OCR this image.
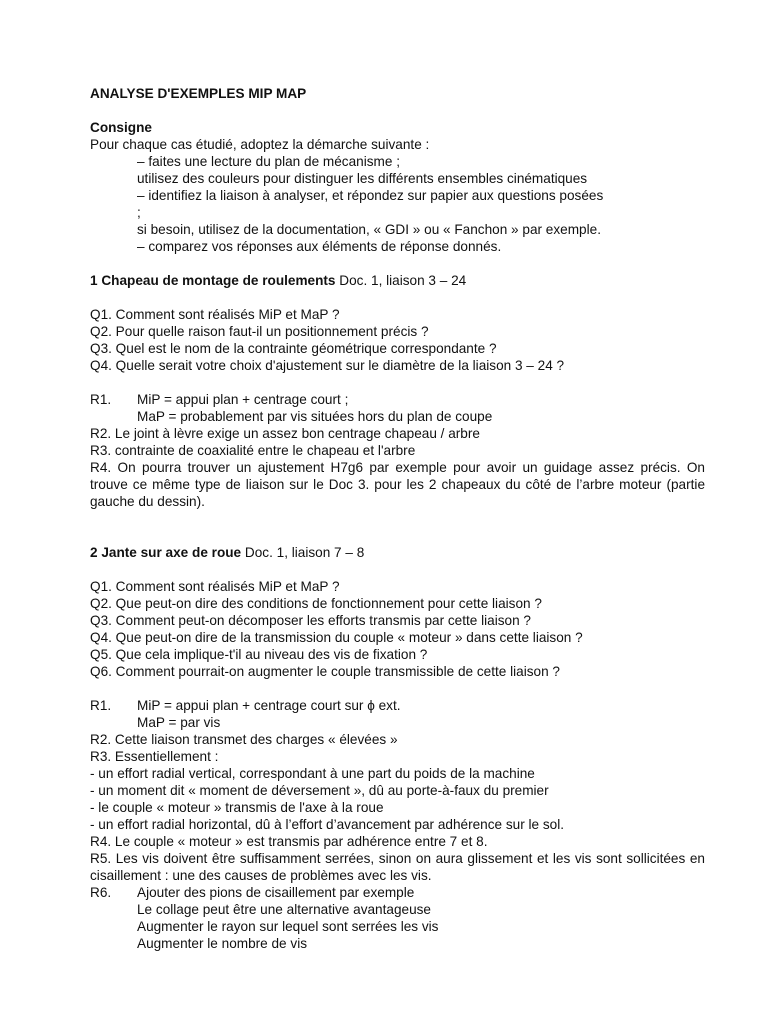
ANALYSE D'EXEMPLES MIP MAP
Consigne
Pour chaque cas étudié, adoptez la démarche suivante :
– faites une lecture du plan de mécanisme ;
utilisez des couleurs pour distinguer les différents ensembles cinématiques
– identifiez la liaison à analyser, et répondez sur papier aux questions posées
;
si besoin, utilisez de la documentation, « GDI » ou « Fanchon » par exemple.
– comparez vos réponses aux éléments de réponse donnés.
1 Chapeau de montage de roulements Doc. 1, liaison 3 – 24
Q1. Comment sont réalisés MiP et MaP ?
Q2. Pour quelle raison faut-il un positionnement précis ?
Q3. Quel est le nom de la contrainte géométrique correspondante ?
Q4. Quelle serait votre choix d'ajustement sur le diamètre de la liaison 3 – 24 ?
R1. MiP = appui plan + centrage court ;
MaP = probablement par vis situées hors du plan de coupe
R2. Le joint à lèvre exige un assez bon centrage chapeau / arbre
R3. contrainte de coaxialité entre le chapeau et l'arbre
R4. On pourra trouver un ajustement H7g6 par exemple pour avoir un guidage assez précis. On trouve ce même type de liaison sur le Doc 3. pour les 2 chapeaux du côté de l’arbre moteur (partie gauche du dessin).
2 Jante sur axe de roue Doc. 1, liaison 7 – 8
Q1. Comment sont réalisés MiP et MaP ?
Q2. Que peut-on dire des conditions de fonctionnement pour cette liaison ?
Q3. Comment peut-on décomposer les efforts transmis par cette liaison ?
Q4. Que peut-on dire de la transmission du couple « moteur » dans cette liaison ?
Q5. Que cela implique-t'il au niveau des vis de fixation ?
Q6. Comment pourrait-on augmenter le couple transmissible de cette liaison ?
R1. MiP = appui plan + centrage court sur ϕ ext.
MaP = par vis
R2. Cette liaison transmet des charges « élevées »
R3. Essentiellement :
- un effort radial vertical, correspondant à une part du poids de la machine
- un moment dit « moment de déversement », dû au porte-à-faux du premier
- le couple « moteur » transmis de l'axe à la roue
- un effort radial horizontal, dû à l’effort d’avancement par adhérence sur le sol.
R4. Le couple « moteur » est transmis par adhérence entre 7 et 8.
R5. Les vis doivent être suffisamment serrées, sinon on aura glissement et les vis sont sollicitées en cisaillement : une des causes de problèmes avec les vis.
R6. Ajouter des pions de cisaillement par exemple
Le collage peut être une alternative avantageuse
Augmenter le rayon sur lequel sont serrées les vis
Augmenter le nombre de vis
